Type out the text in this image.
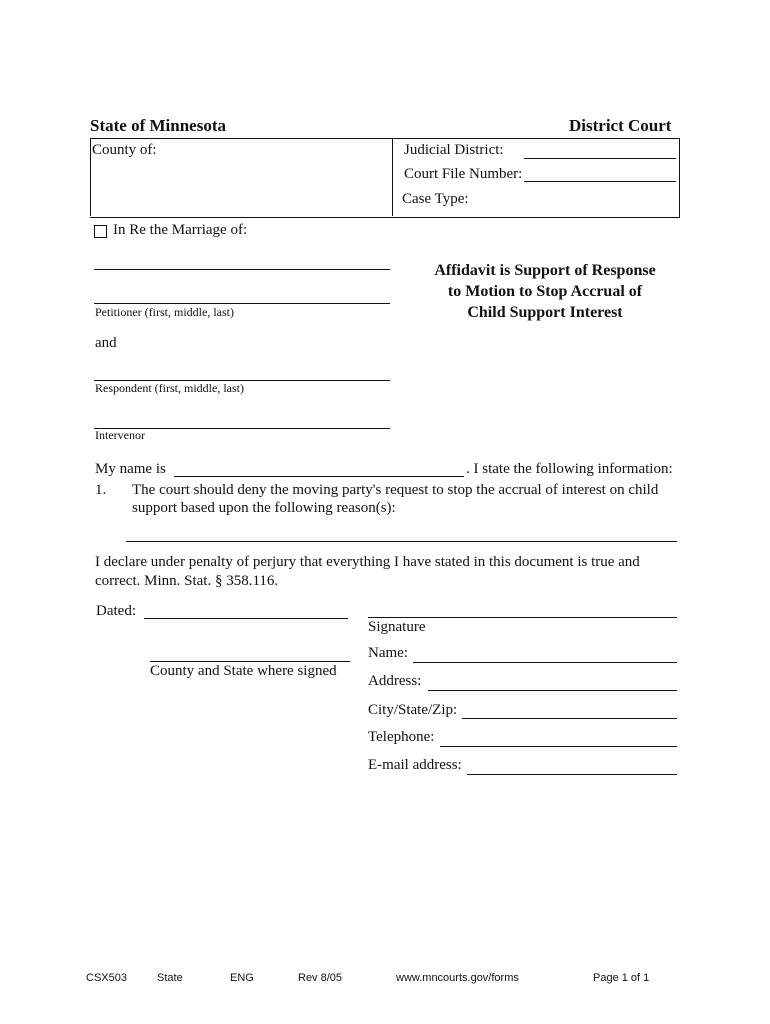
State of Minnesota	District Court
County of:	Judicial District:
Court File Number:
Case Type:
In Re the Marriage of:
Petitioner (first, middle, last)
and
Respondent (first, middle, last)
Intervenor
Affidavit is Support of Response
to Motion to Stop Accrual of
Child Support Interest
My name is	. I state the following information:
1. The court should deny the moving party's request to stop the accrual of interest on child
support based upon the following reason(s):
I declare under penalty of perjury that everything I have stated in this document is true and
correct. Minn. Stat. § 358.116.
Dated:
Signature
Name:
County and State where signed
Address:
City/State/Zip:
Telephone:
E-mail address:
CSX503	State	ENG	Rev 8/05	www.mncourts.gov/forms	Page 1 of 1
